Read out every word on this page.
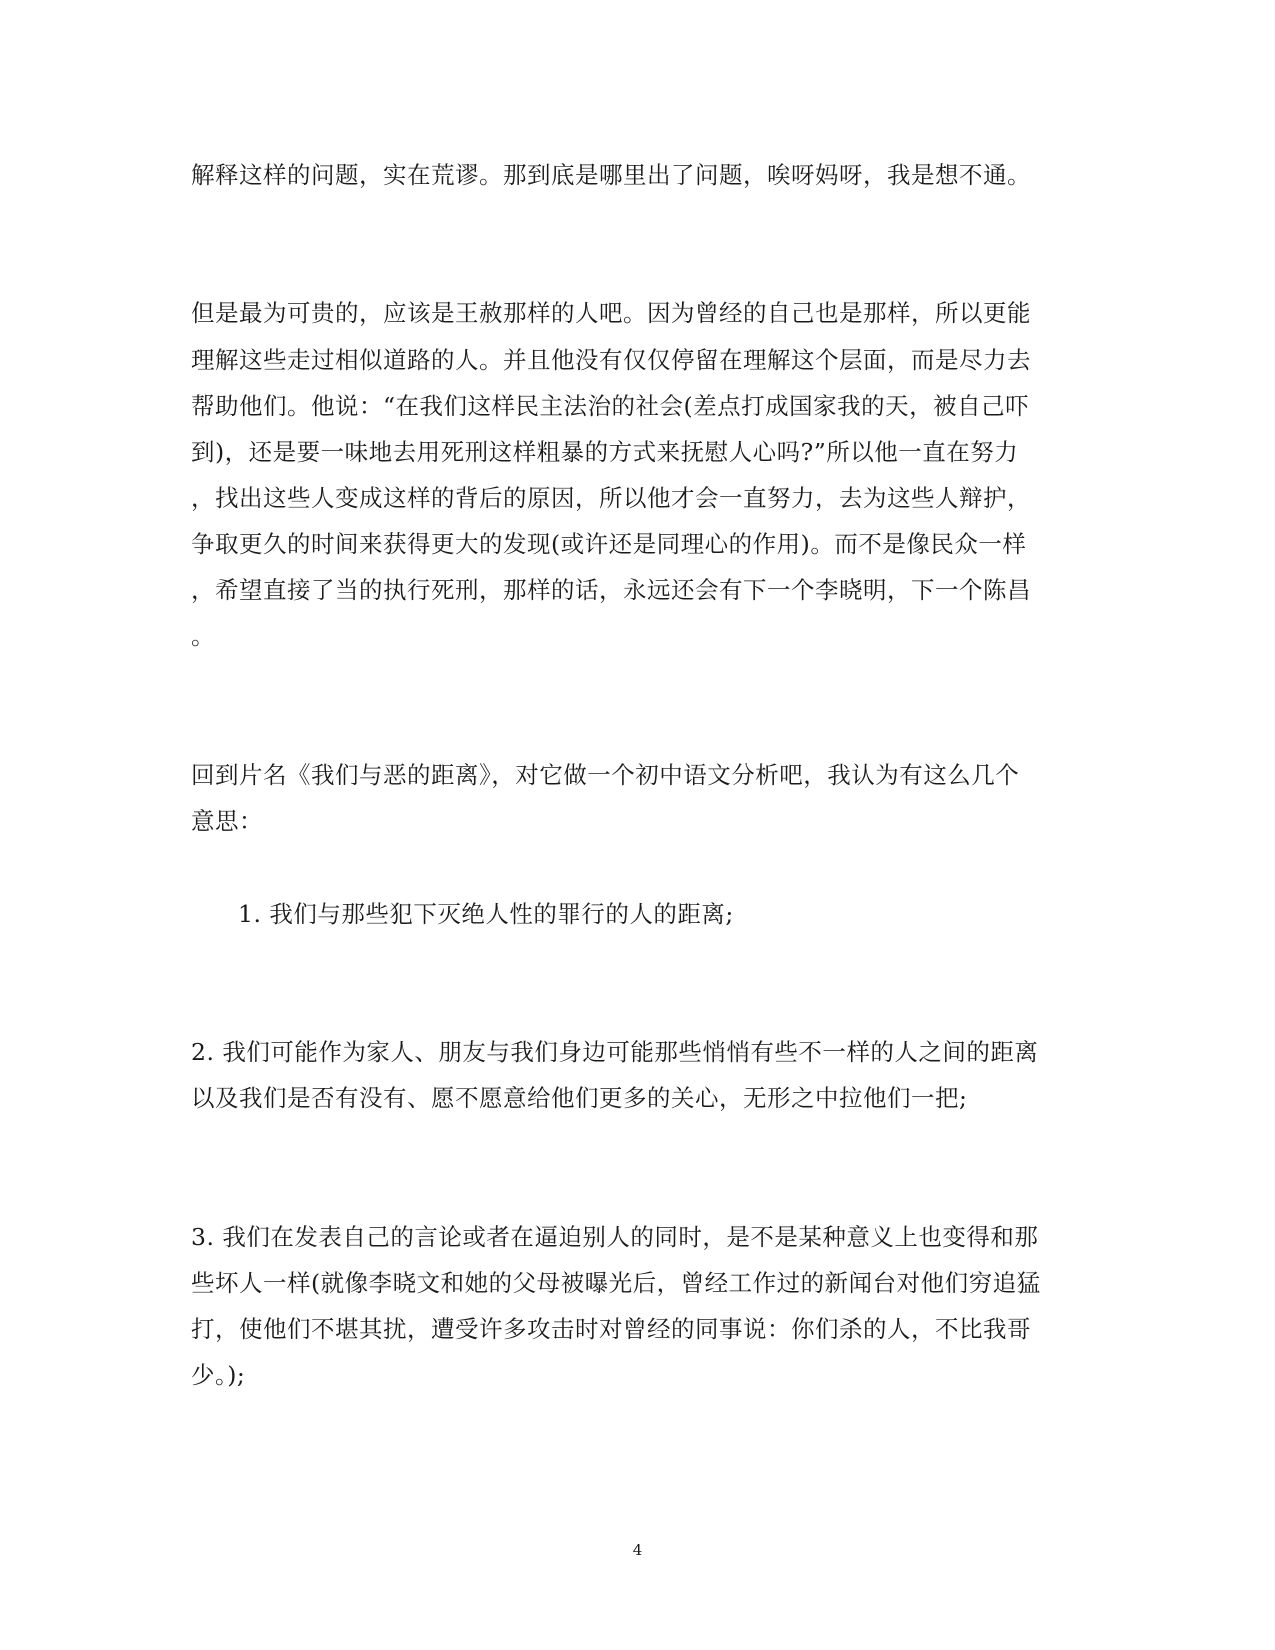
解释这样的问题，实在荒谬。那到底是哪里出了问题，唉呀妈呀，我是想不通。
但是最为可贵的，应该是王赦那样的人吧。因为曾经的自己也是那样，所以更能
理解这些走过相似道路的人。并且他没有仅仅停留在理解这个层面，而是尽力去
帮助他们。他说：“在我们这样民主法治的社会(差点打成国家我的天，被自己吓
到)，还是要一味地去用死刑这样粗暴的方式来抚慰人心吗?”所以他一直在努力
，找出这些人变成这样的背后的原因，所以他才会一直努力，去为这些人辩护，
争取更久的时间来获得更大的发现(或许还是同理心的作用)。而不是像民众一样
，希望直接了当的执行死刑，那样的话，永远还会有下一个李晓明，下一个陈昌
。
回到片名《我们与恶的距离》，对它做一个初中语文分析吧，我认为有这么几个
意思：
1. 我们与那些犯下灭绝人性的罪行的人的距离;
2. 我们可能作为家人、朋友与我们身边可能那些悄悄有些不一样的人之间的距离
以及我们是否有没有、愿不愿意给他们更多的关心，无形之中拉他们一把;
3. 我们在发表自己的言论或者在逼迫别人的同时，是不是某种意义上也变得和那
些坏人一样(就像李晓文和她的父母被曝光后，曾经工作过的新闻台对他们穷追猛
打，使他们不堪其扰，遭受许多攻击时对曾经的同事说：你们杀的人，不比我哥
少。);
4
